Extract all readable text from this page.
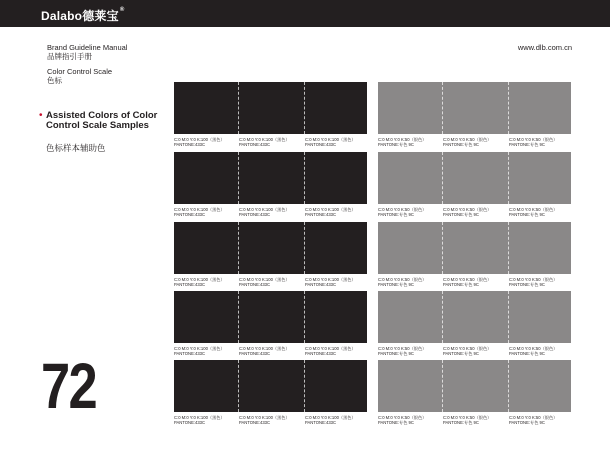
Dalabo德莱宝®
Brand Guideline Manual
品牌指引手册
Color Control Scale
色标
www.dlb.com.cn
• Assisted Colors of Color Control Scale Samples
色标样本辅助色
72
C:0 M:0 Y:0 K:100（黑色）
PANTONE:433C
C:0 M:0 Y:0 K:100（黑色）
PANTONE:433C
C:0 M:0 Y:0 K:100（黑色）
PANTONE:433C
C:0 M:0 Y:0 K:50（银色）
PANTONE:专色 9C
C:0 M:0 Y:0 K:50（银色）
PANTONE:专色 9C
C:0 M:0 Y:0 K:50（银色）
PANTONE:专色 9C
C:0 M:0 Y:0 K:100（黑色）
PANTONE:433C
C:0 M:0 Y:0 K:100（黑色）
PANTONE:433C
C:0 M:0 Y:0 K:100（黑色）
PANTONE:433C
C:0 M:0 Y:0 K:50（银色）
PANTONE:专色 9C
C:0 M:0 Y:0 K:50（银色）
PANTONE:专色 9C
C:0 M:0 Y:0 K:50（银色）
PANTONE:专色 9C
C:0 M:0 Y:0 K:100（黑色）
PANTONE:433C
C:0 M:0 Y:0 K:100（黑色）
PANTONE:433C
C:0 M:0 Y:0 K:100（黑色）
PANTONE:433C
C:0 M:0 Y:0 K:50（银色）
PANTONE:专色 9C
C:0 M:0 Y:0 K:50（银色）
PANTONE:专色 9C
C:0 M:0 Y:0 K:50（银色）
PANTONE:专色 9C
C:0 M:0 Y:0 K:100（黑色）
PANTONE:433C
C:0 M:0 Y:0 K:100（黑色）
PANTONE:433C
C:0 M:0 Y:0 K:100（黑色）
PANTONE:433C
C:0 M:0 Y:0 K:50（银色）
PANTONE:专色 9C
C:0 M:0 Y:0 K:50（银色）
PANTONE:专色 9C
C:0 M:0 Y:0 K:50（银色）
PANTONE:专色 9C
C:0 M:0 Y:0 K:100（黑色）
PANTONE:433C
C:0 M:0 Y:0 K:100（黑色）
PANTONE:433C
C:0 M:0 Y:0 K:100（黑色）
PANTONE:433C
C:0 M:0 Y:0 K:50（银色）
PANTONE:专色 9C
C:0 M:0 Y:0 K:50（银色）
PANTONE:专色 9C
C:0 M:0 Y:0 K:50（银色）
PANTONE:专色 9C
